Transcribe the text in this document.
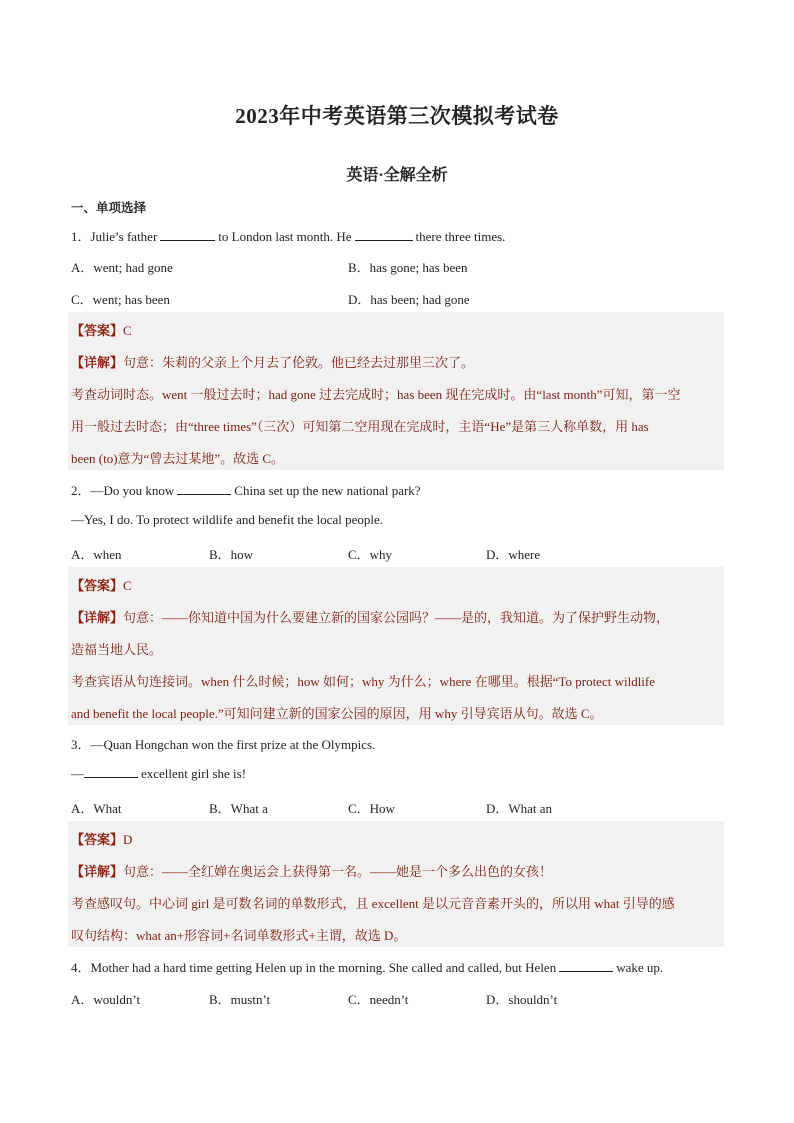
2023年中考英语第三次模拟考试卷
英语·全解全析
一、单项选择
1．Julie’s father	to London last month. He	there three times.
A．went; had gone	B．has gone; has been
C．went; has been	D．has been; had gone
【答案】C
【详解】句意：朱莉的父亲上个月去了伦敦。他已经去过那里三次了。
考查动词时态。went 一般过去时；had gone 过去完成时；has been 现在完成时。由“last month”可知，第一空
用一般过去时态；由“three times”（三次）可知第二空用现在完成时，主语“He”是第三人称单数，用 has
been (to)意为“曾去过某地”。故选 C。
2．—Do you know	China set up the new national park?
—Yes, I do. To protect wildlife and benefit the local people.
A．when	B．how	C．why	D．where
【答案】C
【详解】句意：——你知道中国为什么要建立新的国家公园吗？——是的，我知道。为了保护野生动物，
造福当地人民。
考查宾语从句连接词。when 什么时候；how 如何；why 为什么；where 在哪里。根据“To protect wildlife
and benefit the local people.”可知问建立新的国家公园的原因，用 why 引导宾语从句。故选 C。
3．—Quan Hongchan won the first prize at the Olympics.
—	excellent girl she is!
A．What	B．What a	C．How	D．What an
【答案】D
【详解】句意：——全红婵在奥运会上获得第一名。——她是一个多么出色的女孩！
考查感叹句。中心词 girl 是可数名词的单数形式，且 excellent 是以元音音素开头的，所以用 what 引导的感
叹句结构：what an+形容词+名词单数形式+主谓，故选 D。
4．Mother had a hard time getting Helen up in the morning. She called and called, but Helen	wake up.
A．wouldn’t	B．mustn’t	C．needn’t	D．shouldn’t
